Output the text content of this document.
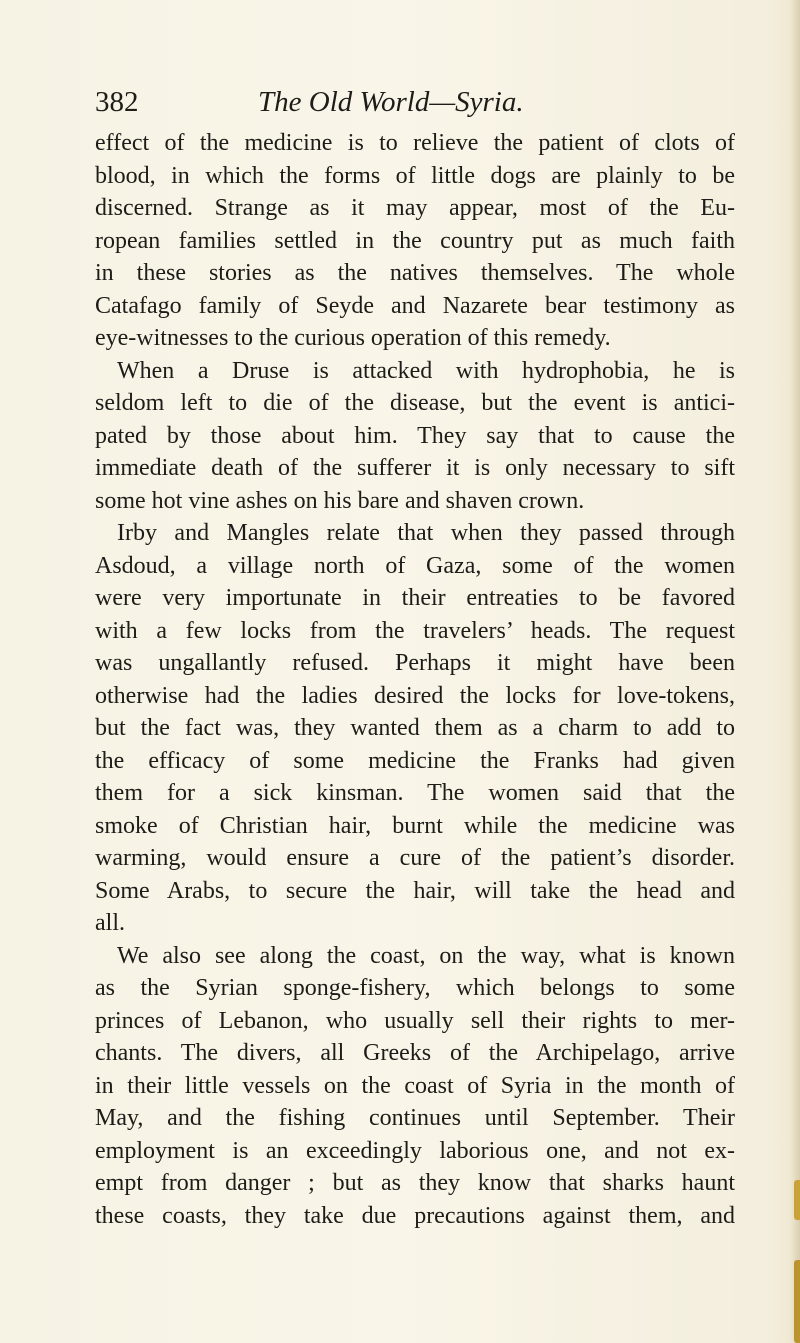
382	The Old World—Syria.
effect of the medicine is to relieve the patient of clots of
blood, in which the forms of little dogs are plainly to be
discerned. Strange as it may appear, most of the Eu-
ropean families settled in the country put as much faith
in these stories as the natives themselves. The whole
Catafago family of Seyde and Nazarete bear testimony as
eye-witnesses to the curious operation of this remedy.
When a Druse is attacked with hydrophobia, he is
seldom left to die of the disease, but the event is antici-
pated by those about him. They say that to cause the
immediate death of the sufferer it is only necessary to sift
some hot vine ashes on his bare and shaven crown.
Irby and Mangles relate that when they passed through
Asdoud, a village north of Gaza, some of the women
were very importunate in their entreaties to be favored
with a few locks from the travelers’ heads. The request
was ungallantly refused. Perhaps it might have been
otherwise had the ladies desired the locks for love-tokens,
but the fact was, they wanted them as a charm to add to
the efficacy of some medicine the Franks had given
them for a sick kinsman. The women said that the
smoke of Christian hair, burnt while the medicine was
warming, would ensure a cure of the patient’s disorder.
Some Arabs, to secure the hair, will take the head and
all.
We also see along the coast, on the way, what is known
as the Syrian sponge-fishery, which belongs to some
princes of Lebanon, who usually sell their rights to mer-
chants. The divers, all Greeks of the Archipelago, arrive
in their little vessels on the coast of Syria in the month of
May, and the fishing continues until September. Their
employment is an exceedingly laborious one, and not ex-
empt from danger ; but as they know that sharks haunt
these coasts, they take due precautions against them, and
